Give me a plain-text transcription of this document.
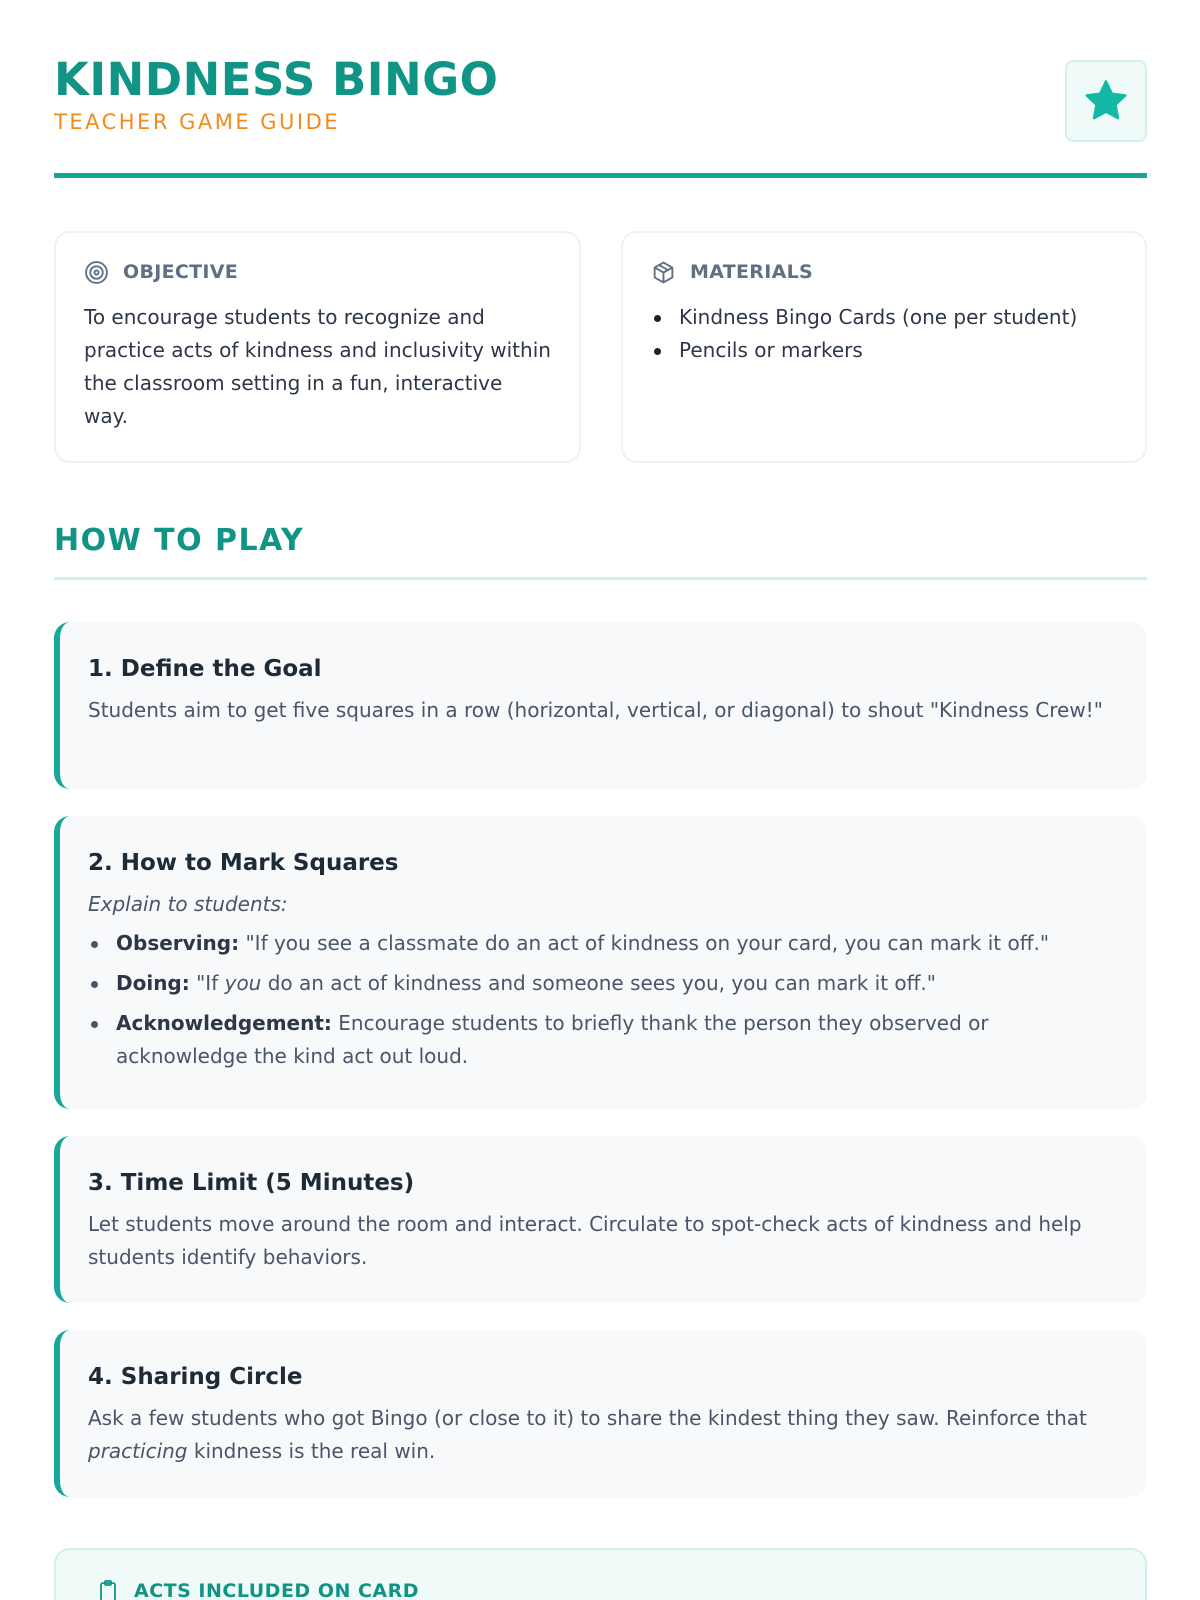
KINDNESS BINGO
TEACHER GAME GUIDE
OBJECTIVE

To encourage students to recognize and practice acts of kindness and inclusivity within the classroom setting in a fun, interactive way.

MATERIALS
Kindness Bingo Cards (one per student)
Pencils or markers
HOW TO PLAY
1. Define the Goal

Students aim to get five squares in a row (horizontal, vertical, or diagonal) to shout "Kindness Crew!"

2. How to Mark Squares

Explain to students:

Observing: "If you see a classmate do an act of kindness on your card, you can mark it off."
Doing: "If you do an act of kindness and someone sees you, you can mark it off."
Acknowledgement: Encourage students to briefly thank the person they observed or acknowledge the kind act out loud.
3. Time Limit (5 Minutes)

Let students move around the room and interact. Circulate to spot-check acts of kindness and help students identify behaviors.

4. Sharing Circle

Ask a few students who got Bingo (or close to it) to share the kindest thing they saw. Reinforce that practicing kindness is the real win.

ACTS INCLUDED ON CARD
